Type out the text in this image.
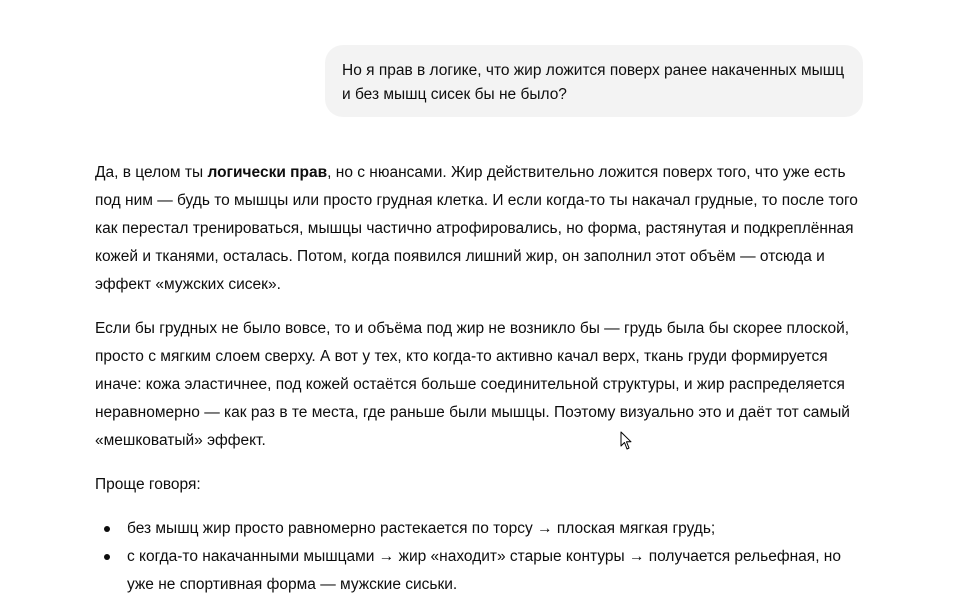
Но я прав в логике, что жир ложится поверх ранее накаченных мышц и без мышц сисек бы не было?

Да, в целом ты логически прав, но с нюансами. Жир действительно ложится поверх того, что уже есть под ним — будь то мышцы или просто грудная клетка. И если когда-то ты накачал грудные, то после того как перестал тренироваться, мышцы частично атрофировались, но форма, растянутая и подкреплённая кожей и тканями, осталась. Потом, когда появился лишний жир, он заполнил этот объём — отсюда и эффект «мужских сисек».

Если бы грудных не было вовсе, то и объёма под жир не возникло бы — грудь была бы скорее плоской, просто с мягким слоем сверху. А вот у тех, кто когда-то активно качал верх, ткань груди формируется иначе: кожа эластичнее, под кожей остаётся больше соединительной структуры, и жир распределяется неравномерно — как раз в те места, где раньше были мышцы. Поэтому визуально это и даёт тот самый «мешковатый» эффект.

Проще говоря:

без мышц жир просто равномерно растекается по торсу → плоская мягкая грудь;
с когда-то накачанными мышцами → жир «находит» старые контуры → получается рельефная, но уже не спортивная форма — мужские сиськи.
